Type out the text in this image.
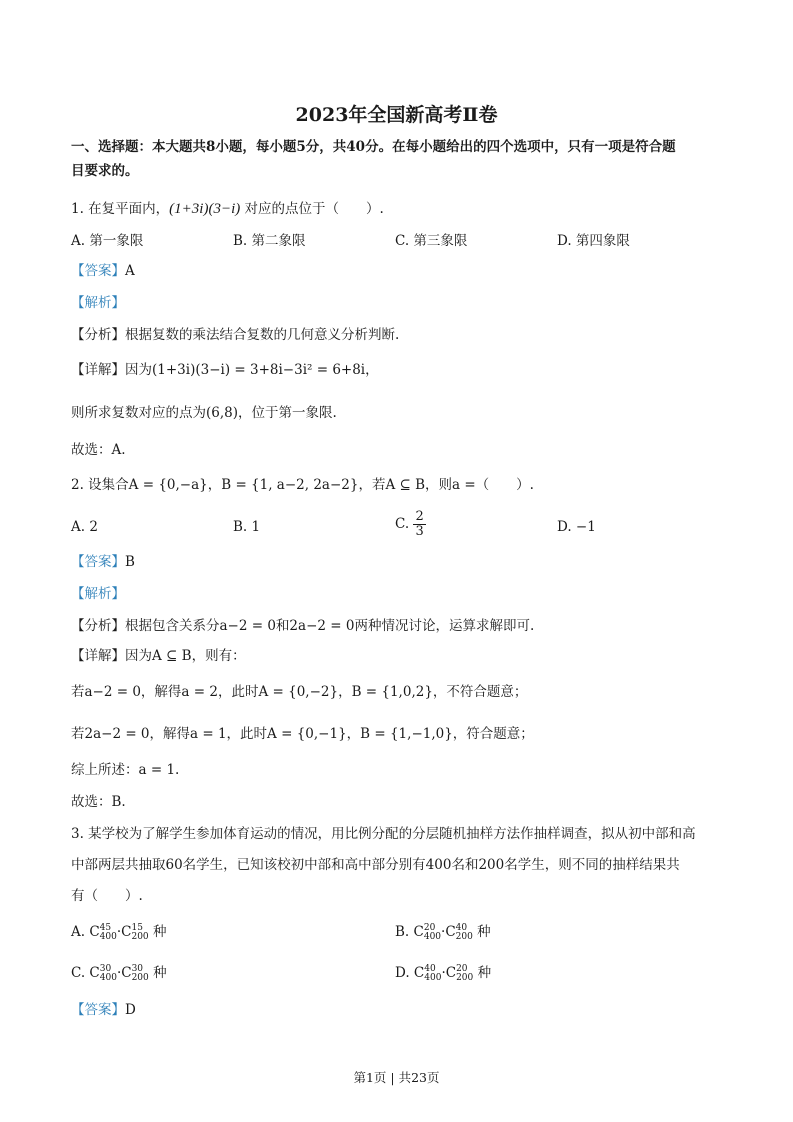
2023年全国新高考Ⅱ卷
一、选择题：本大题共8小题，每小题5分，共40分。在每小题给出的四个选项中，只有一项是符合题
目要求的。
1. 在复平面内，(1+3i)(3−i) 对应的点位于（　　）.
A. 第一象限	B. 第二象限	C. 第三象限	D. 第四象限
【答案】A
【解析】
【分析】根据复数的乘法结合复数的几何意义分析判断.
【详解】因为(1+3i)(3−i) = 3+8i−3i² = 6+8i，
则所求复数对应的点为(6,8)，位于第一象限.
故选：A.
2. 设集合A = {0,−a}，B = {1, a−2, 2a−2}，若A ⊆ B，则a =（　　）.
A. 2	B. 1	C. $\frac{2}{3}$	D. −1
【答案】B
【解析】
【分析】根据包含关系分a−2 = 0和2a−2 = 0两种情况讨论，运算求解即可.
【详解】因为A ⊆ B，则有：
若a−2 = 0，解得a = 2，此时A = {0,−2}，B = {1,0,2}，不符合题意；
若2a−2 = 0，解得a = 1，此时A = {0,−1}，B = {1,−1,0}，符合题意；
综上所述：a = 1.
故选：B.
3. 某学校为了解学生参加体育运动的情况，用比例分配的分层随机抽样方法作抽样调查，拟从初中部和高
中部两层共抽取60名学生，已知该校初中部和高中部分别有400名和200名学生，则不同的抽样结果共
有（　　）.
A. C 45
400 ·C 15
200 种	B. C 20
400 ·C 40
200 种
C. C 30
400 ·C 30
200 种	D. C 40
400 ·C 20
200 种
【答案】D
第1页 | 共23页
